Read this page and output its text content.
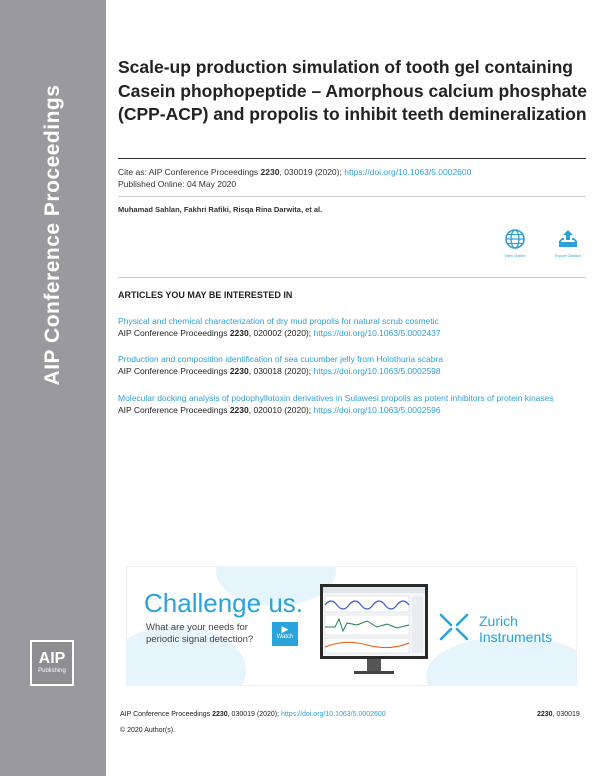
AIP Conference Proceedings
AIP
Publishing
Scale-up production simulation of tooth gel containing Casein phophopeptide – Amorphous calcium phosphate (CPP-ACP) and propolis to inhibit teeth demineralization
Cite as: AIP Conference Proceedings 2230, 030019 (2020); https://doi.org/10.1063/5.0002600
Published Online: 04 May 2020
Muhamad Sahlan, Fakhri Rafiki, Risqa Rina Darwita, et al.
View Online	Export Citation
ARTICLES YOU MAY BE INTERESTED IN
Physical and chemical characterization of dry mud propolis for natural scrub cosmetic
AIP Conference Proceedings 2230, 020002 (2020); https://doi.org/10.1063/5.0002437
Production and composition identification of sea cucumber jelly from Holothuria scabra
AIP Conference Proceedings 2230, 030018 (2020); https://doi.org/10.1063/5.0002598
Molecular docking analysis of podophyllotoxin derivatives in Sulawesi propolis as potent inhibitors of protein kinases
AIP Conference Proceedings 2230, 020010 (2020); https://doi.org/10.1063/5.0002596
Challenge us.
What are your needs for
periodic signal detection?
▶
Watch
Zurich
Instruments
AIP Conference Proceedings 2230, 030019 (2020); https://doi.org/10.1063/5.0002600	2230, 030019
© 2020 Author(s).
